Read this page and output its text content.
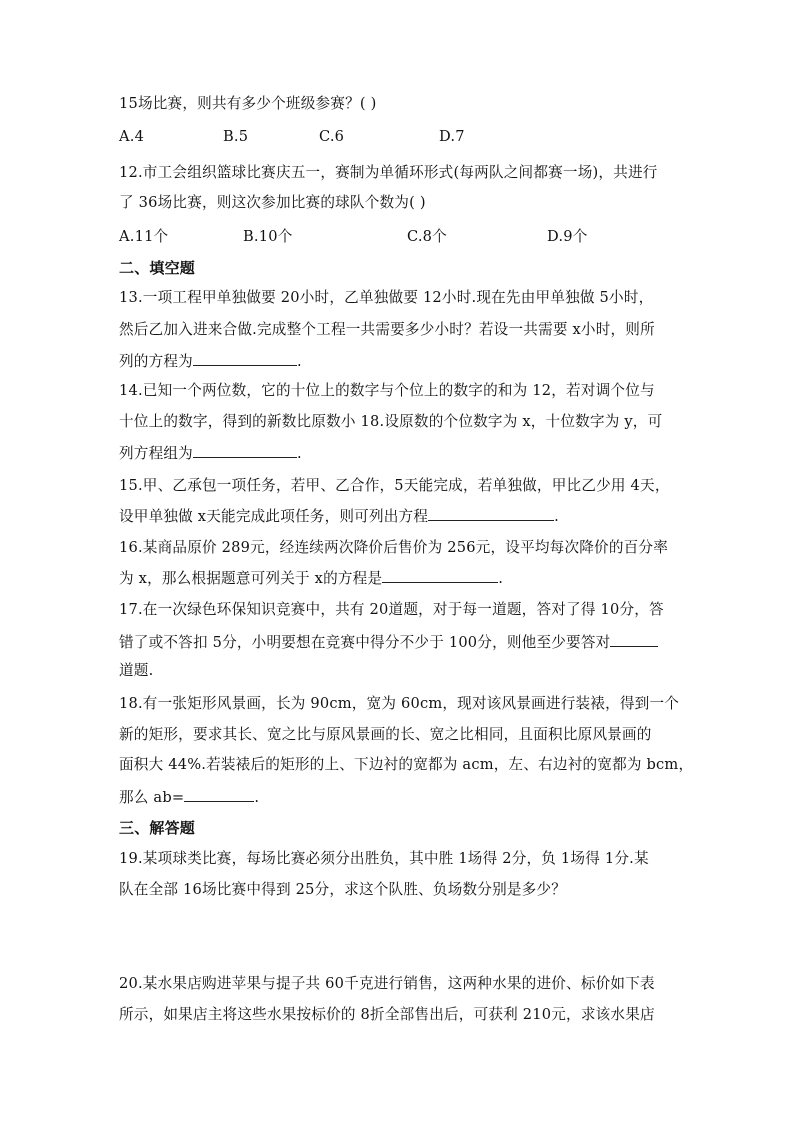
15场比赛，则共有多少个班级参赛？( )
A.4	B.5	C.6	D.7
12.市工会组织篮球比赛庆五一，赛制为单循环形式(每两队之间都赛一场)，共进行
了 36场比赛，则这次参加比赛的球队个数为( )
A.11个	B.10个	C.8个	D.9个
二、填空题
13.一项工程甲单独做要 20小时，乙单独做要 12小时.现在先由甲单独做 5小时，
然后乙加入进来合做.完成整个工程一共需要多少小时？若设一共需要 x小时，则所
列的方程为	.
14.已知一个两位数，它的十位上的数字与个位上的数字的和为 12，若对调个位与
十位上的数字，得到的新数比原数小 18.设原数的个位数字为 x，十位数字为 y，可
列方程组为	.
15.甲、乙承包一项任务，若甲、乙合作，5天能完成，若单独做，甲比乙少用 4天，
设甲单独做 x天能完成此项任务，则可列出方程	.
16.某商品原价 289元，经连续两次降价后售价为 256元，设平均每次降价的百分率
为 x，那么根据题意可列关于 x的方程是	.
17.在一次绿色环保知识竞赛中，共有 20道题，对于每一道题，答对了得 10分，答
错了或不答扣 5分，小明要想在竞赛中得分不少于 100分，则他至少要答对
道题.
18.有一张矩形风景画，长为 90cm，宽为 60cm，现对该风景画进行装裱，得到一个
新的矩形，要求其长、宽之比与原风景画的长、宽之比相同，且面积比原风景画的
面积大 44%.若装裱后的矩形的上、下边衬的宽都为 acm，左、右边衬的宽都为 bcm，
那么 ab=	.
三、解答题
19.某项球类比赛，每场比赛必须分出胜负，其中胜 1场得 2分，负 1场得 1分.某
队在全部 16场比赛中得到 25分，求这个队胜、负场数分别是多少？
20.某水果店购进苹果与提子共 60千克进行销售，这两种水果的进价、标价如下表
所示，如果店主将这些水果按标价的 8折全部售出后，可获利 210元，求该水果店
